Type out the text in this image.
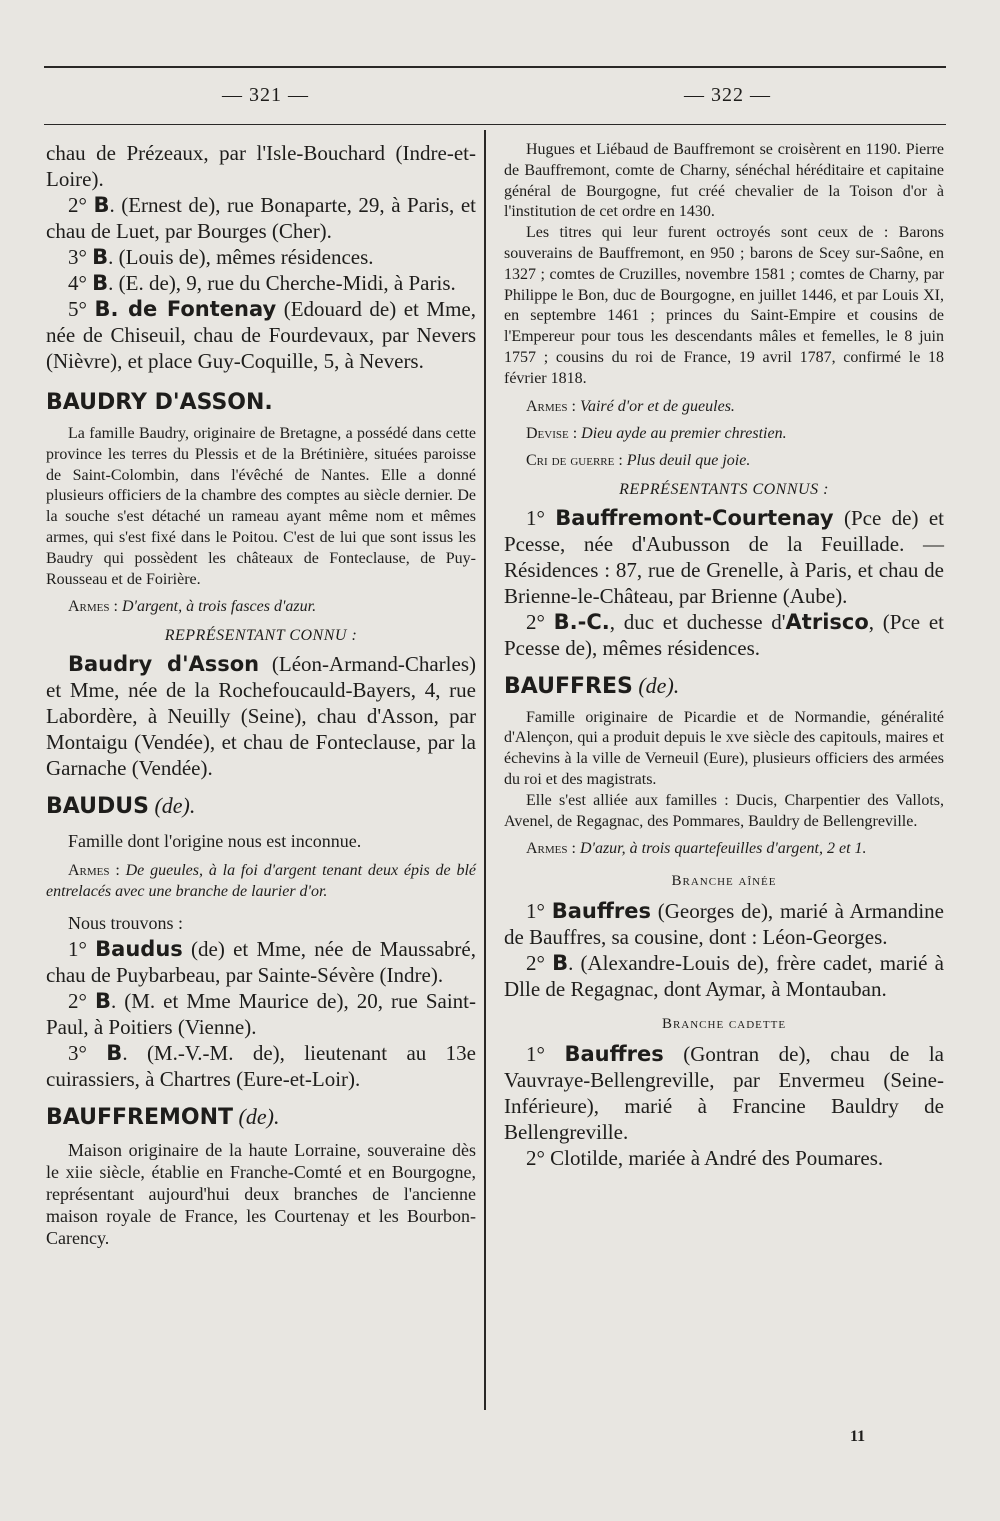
— 321 —	— 322 —

chau de Prézeaux, par l'Isle-Bouchard (Indre-et-Loire).

2° B. (Ernest de), rue Bonaparte, 29, à Paris, et chau de Luet, par Bourges (Cher).

3° B. (Louis de), mêmes résidences.

4° B. (E. de), 9, rue du Cherche-Midi, à Paris.

5° B. de Fontenay (Edouard de) et Mme, née de Chiseuil, chau de Fourdevaux, par Nevers (Nièvre), et place Guy-Coquille, 5, à Nevers.

BAUDRY D'ASSON.

La famille Baudry, originaire de Bretagne, a possédé dans cette province les terres du Plessis et de la Brétinière, situées paroisse de Saint-Colombin, dans l'évêché de Nantes. Elle a donné plusieurs officiers de la chambre des comptes au siècle dernier. De la souche s'est détaché un rameau ayant même nom et mêmes armes, qui s'est fixé dans le Poitou. C'est de lui que sont issus les Baudry qui possèdent les châteaux de Fonteclause, de Puy-Rousseau et de Foirière.

Armes : D'argent, à trois fasces d'azur.

REPRÉSENTANT CONNU :

Baudry d'Asson (Léon-Armand-Charles) et Mme, née de la Rochefoucauld-Bayers, 4, rue Labordère, à Neuilly (Seine), chau d'Asson, par Montaigu (Vendée), et chau de Fonteclause, par la Garnache (Vendée).

BAUDUS (de).

Famille dont l'origine nous est inconnue.

Armes : De gueules, à la foi d'argent tenant deux épis de blé entrelacés avec une branche de laurier d'or.

Nous trouvons :

1° Baudus (de) et Mme, née de Maussabré, chau de Puybarbeau, par Sainte-Sévère (Indre).

2° B. (M. et Mme Maurice de), 20, rue Saint-Paul, à Poitiers (Vienne).

3° B. (M.-V.-M. de), lieutenant au 13e cuirassiers, à Chartres (Eure-et-Loir).

BAUFFREMONT (de).

Maison originaire de la haute Lorraine, souveraine dès le xiie siècle, établie en Franche-Comté et en Bourgogne, représentant aujourd'hui deux branches de l'ancienne maison royale de France, les Courtenay et les Bourbon-Carency.

Hugues et Liébaud de Bauffremont se croisèrent en 1190. Pierre de Bauffremont, comte de Charny, sénéchal héréditaire et capitaine général de Bourgogne, fut créé chevalier de la Toison d'or à l'institution de cet ordre en 1430.

Les titres qui leur furent octroyés sont ceux de : Barons souverains de Bauffremont, en 950 ; barons de Scey sur-Saône, en 1327 ; comtes de Cruzilles, novembre 1581 ; comtes de Charny, par Philippe le Bon, duc de Bourgogne, en juillet 1446, et par Louis XI, en septembre 1461 ; princes du Saint-Empire et cousins de l'Empereur pour tous les descendants mâles et femelles, le 8 juin 1757 ; cousins du roi de France, 19 avril 1787, confirmé le 18 février 1818.

Armes : Vairé d'or et de gueules.

Devise : Dieu ayde au premier chrestien.

Cri de guerre : Plus deuil que joie.

REPRÉSENTANTS CONNUS :

1° Bauffremont-Courtenay (Pce de) et Pcesse, née d'Aubusson de la Feuillade. — Résidences : 87, rue de Grenelle, à Paris, et chau de Brienne-le-Château, par Brienne (Aube).

2° B.-C., duc et duchesse d'Atrisco, (Pce et Pcesse de), mêmes résidences.

BAUFFRES (de).

Famille originaire de Picardie et de Normandie, généralité d'Alençon, qui a produit depuis le xve siècle des capitouls, maires et échevins à la ville de Verneuil (Eure), plusieurs officiers des armées du roi et des magistrats.

Elle s'est alliée aux familles : Ducis, Charpentier des Vallots, Avenel, de Regagnac, des Pommares, Bauldry de Bellengreville.

Armes : D'azur, à trois quartefeuilles d'argent, 2 et 1.

Branche aînée

1° Bauffres (Georges de), marié à Armandine de Bauffres, sa cousine, dont : Léon-Georges.

2° B. (Alexandre-Louis de), frère cadet, marié à Dlle de Regagnac, dont Aymar, à Montauban.

Branche cadette

1° Bauffres (Gontran de), chau de la Vauvraye-Bellengreville, par Envermeu (Seine-Inférieure), marié à Francine Bauldry de Bellengreville.

2° Clotilde, mariée à André des Poumares.

11
